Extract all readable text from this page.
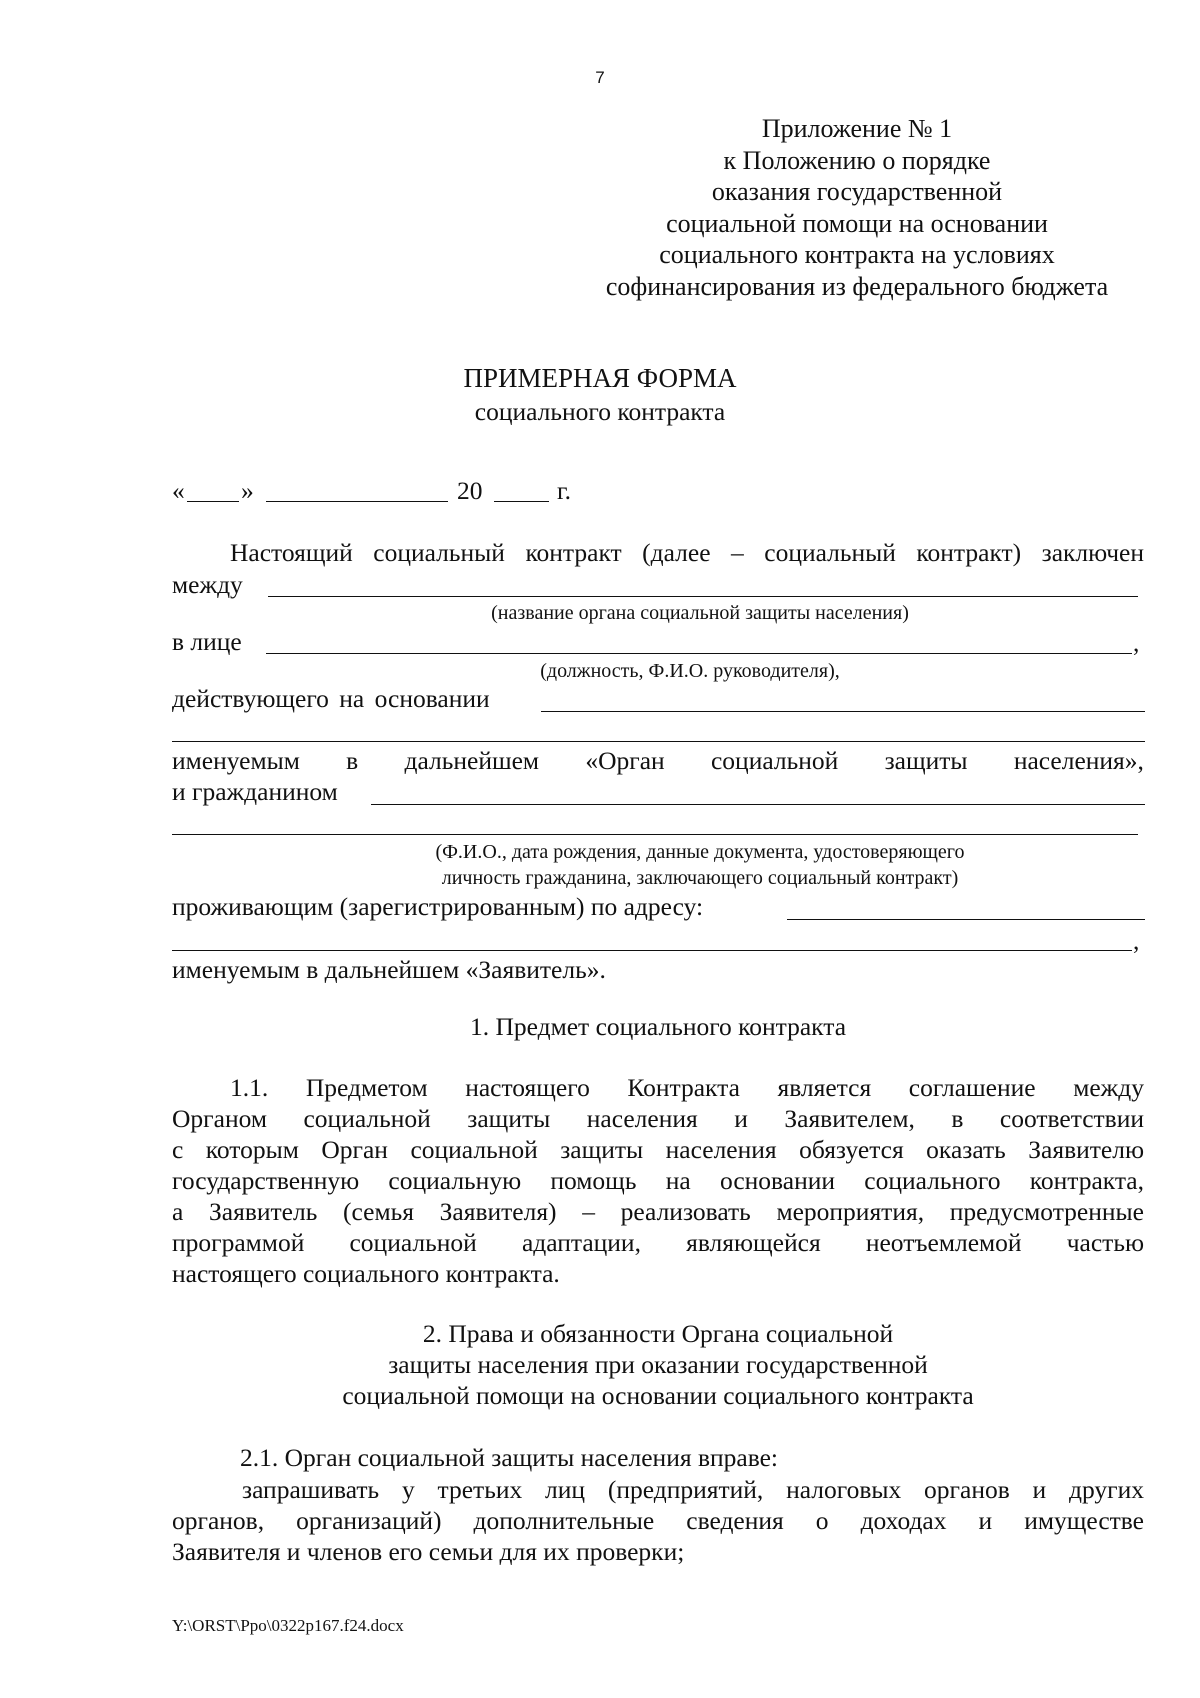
7
Приложение № 1
к Положению о порядке
оказания государственной
социальной помощи на основании
социального контракта на условиях
софинансирования из федерального бюджета
ПРИМЕРНАЯ ФОРМА
социального контракта
« »	20	г.
Настоящий социальный контракт (далее – социальный контракт) заключен
между
(название органа социальной защиты населения)
в лице	,
(должность, Ф.И.О. руководителя),
действующего на основании
именуемым в дальнейшем «Орган социальной защиты населения»,
и гражданином
(Ф.И.О., дата рождения, данные документа, удостоверяющего
личность гражданина, заключающего социальный контракт)
проживающим (зарегистрированным) по адресу:
,
именуемым в дальнейшем «Заявитель».
1. Предмет социального контракта
1.1. Предметом настоящего Контракта является соглашение между
Органом социальной защиты населения и Заявителем, в соответствии
с которым Орган социальной защиты населения обязуется оказать Заявителю
государственную социальную помощь на основании социального контракта,
а Заявитель (семья Заявителя) – реализовать мероприятия, предусмотренные
программой социальной адаптации, являющейся неотъемлемой частью
настоящего социального контракта.
2. Права и обязанности Органа социальной
защиты населения при оказании государственной
социальной помощи на основании социального контракта
2.1. Орган социальной защиты населения вправе:
запрашивать у третьих лиц (предприятий, налоговых органов и других
органов, организаций) дополнительные сведения о доходах и имуществе
Заявителя и членов его семьи для их проверки;
Y:\ORST\Ppo\0322p167.f24.docx
